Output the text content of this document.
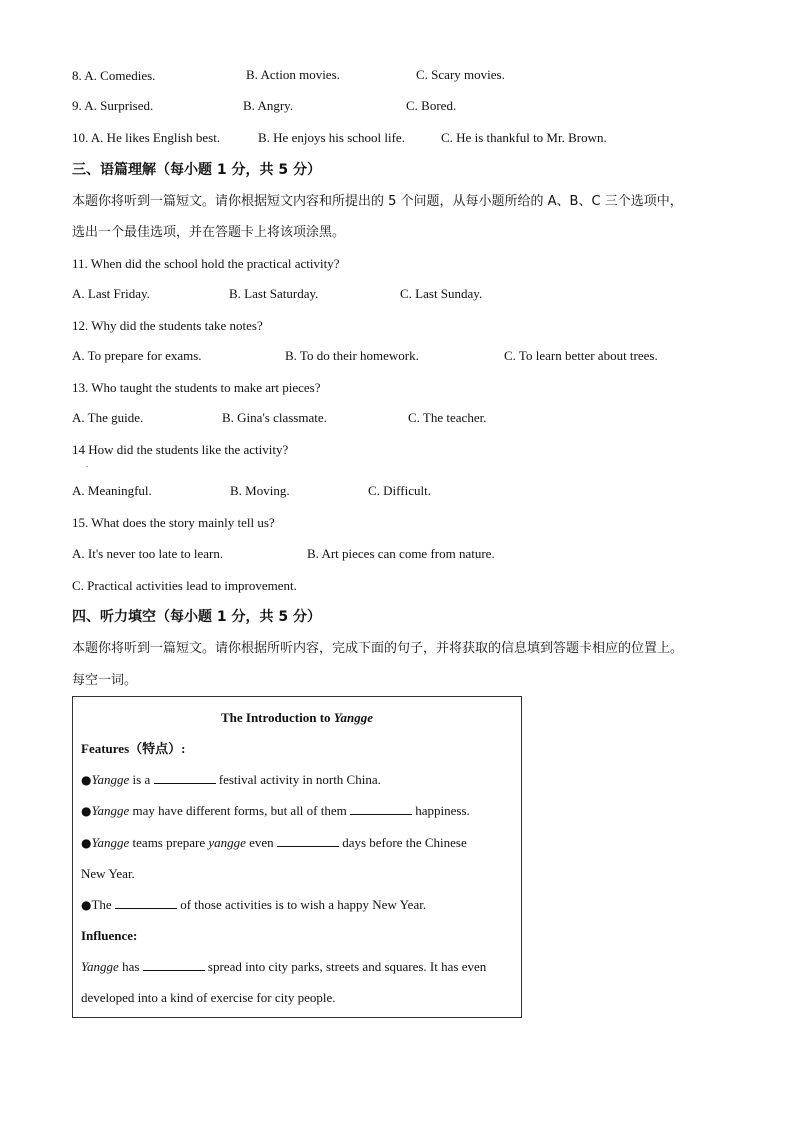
8. A. Comedies.	B. Action movies.	C. Scary movies.
9. A. Surprised.	B. Angry.	C. Bored.
10. A. He likes English best.	B. He enjoys his school life.	C. He is thankful to Mr. Brown.
三、语篇理解（每小题 1 分，共 5 分）
本题你将听到一篇短文。请你根据短文内容和所提出的 5 个问题，从每小题所给的 A、B、C 三个选项中，
选出一个最佳选项，并在答题卡上将该项涂黑。
11. When did the school hold the practical activity?
A. Last Friday.	B. Last Saturday.	C. Last Sunday.
12. Why did the students take notes?
A. To prepare for exams.	B. To do their homework.	C. To learn better about trees.
13. Who taught the students to make art pieces?
A. The guide.	B. Gina's classmate.	C. The teacher.
14 How did the students like the activity?
.
A. Meaningful.	B. Moving.	C. Difficult.
15. What does the story mainly tell us?
A. It's never too late to learn.	B. Art pieces can come from nature.
C. Practical activities lead to improvement.
四、听力填空（每小题 1 分，共 5 分）
本题你将听到一篇短文。请你根据所听内容，完成下面的句子，并将获取的信息填到答题卡相应的位置上。
每空一词。
The Introduction to Yangge
Features（特点）:
●Yangge is a	festival activity in north China.
●Yangge may have different forms, but all of them	happiness.
●Yangge teams prepare yangge even	days before the Chinese
New Year.
●The	of those activities is to wish a happy New Year.
Influence:
Yangge has	spread into city parks, streets and squares. It has even
developed into a kind of exercise for city people.
